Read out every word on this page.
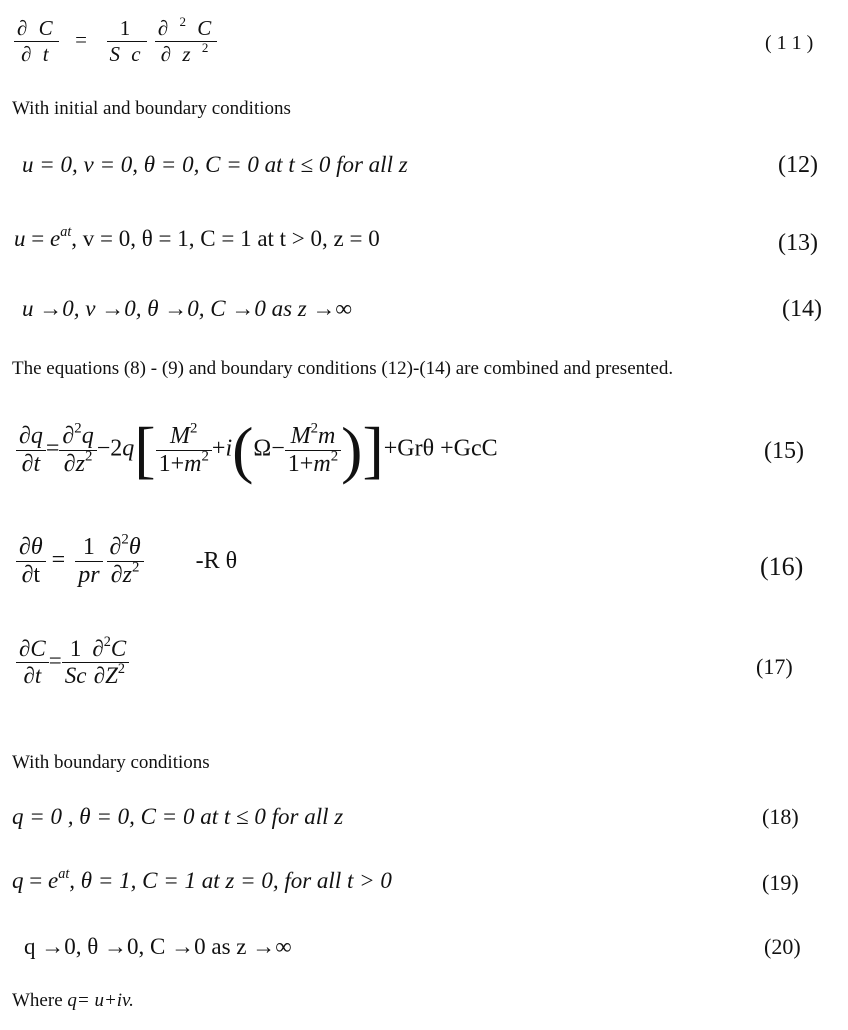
$\frac{\partial C}{\partial t} = \frac{1}{\text{S c}}$
$\frac{\partial ^2 C}{\partial z ^2}$	( 1 1 )
With initial and boundary conditions
u = 0, v = 0, θ = 0, C = 0 at t ≤ 0 for all z	(12)
$u = e^{at}$, v = 0, θ = 1, C = 1 at t > 0, z = 0	(13)
u →0, v →0, θ →0, C →0 as z →∞	(14)
The equations (8) - (9) and boundary conditions (12)-(14) are combined and presented.
$\frac{\partial q}{\partial t} = \frac{\partial^2q}{\partial z^2} -2q[ \frac{M^2}{1+m^2} +i(\Omega- \frac{M^2m}{1+m^2} )]+Gr\theta +GcC$	(15)
$\frac{\partial\theta}{\partial t} = \frac{1}{pr} \frac{\partial^2\theta}{\partial z^2} -R$ θ	(16)
$\frac{\partial C}{\partial t} = \frac{1}{Sc} \frac{\partial^2C}{\partial Z^2}$	(17)
With boundary conditions
q = 0 , θ = 0, C = 0 at t ≤ 0 for all z	(18)
$q = e^{at}$, θ = 1, C = 1 at z = 0, for all t > 0	(19)
q →0, θ →0, C →0 as z →∞	(20)
Where q= u+iv.
